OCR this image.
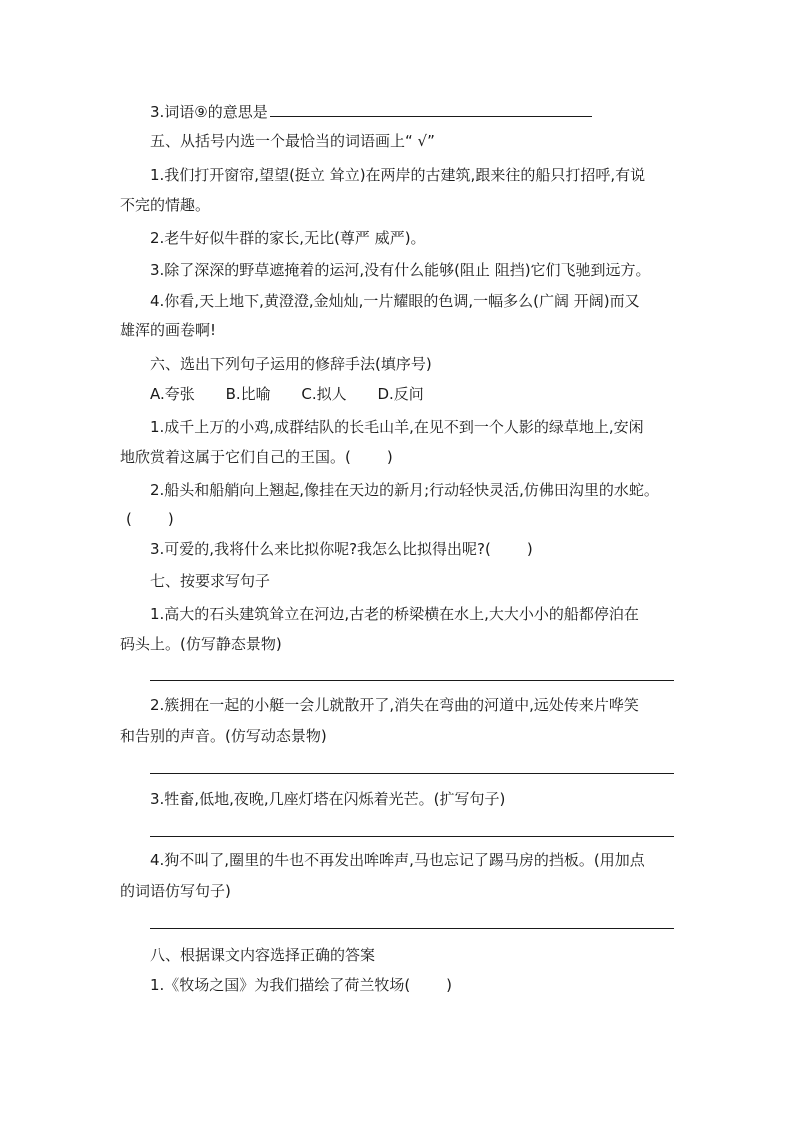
3.词语⑨的意思是
五、从括号内选一个最恰当的词语画上“ √”
1.我们打开窗帘,望望(挺立 耸立)在两岸的古建筑,跟来往的船只打招呼,有说
不完的情趣。
2.老牛好似牛群的家长,无比(尊严 威严)。
3.除了深深的野草遮掩着的运河,没有什么能够(阻止 阻挡)它们飞驰到远方。
4.你看,天上地下,黄澄澄,金灿灿,一片耀眼的色调,一幅多么(广阔 开阔)而又
雄浑的画卷啊!
六、选出下列句子运用的修辞手法(填序号)
A.夸张 B.比喻 C.拟人 D.反问
1.成千上万的小鸡,成群结队的长毛山羊,在见不到一个人影的绿草地上,安闲
地欣赏着这属于它们自己的王国。( )
2.船头和船艄向上翘起,像挂在天边的新月;行动轻快灵活,仿佛田沟里的水蛇。
( )
3.可爱的,我将什么来比拟你呢?我怎么比拟得出呢?( )
七、按要求写句子
1.高大的石头建筑耸立在河边,古老的桥梁横在水上,大大小小的船都停泊在
码头上。(仿写静态景物)
2.簇拥在一起的小艇一会儿就散开了,消失在弯曲的河道中,远处传来片哗笑
和告别的声音。(仿写动态景物)
3.牲畜,低地,夜晚,几座灯塔在闪烁着光芒。(扩写句子)
4.狗不叫了,圈里的牛也不再发出哞哞声,马也忘记了踢马房的挡板。(用加点
的词语仿写句子)
八、根据课文内容选择正确的答案
1.《牧场之国》为我们描绘了荷兰牧场( )
